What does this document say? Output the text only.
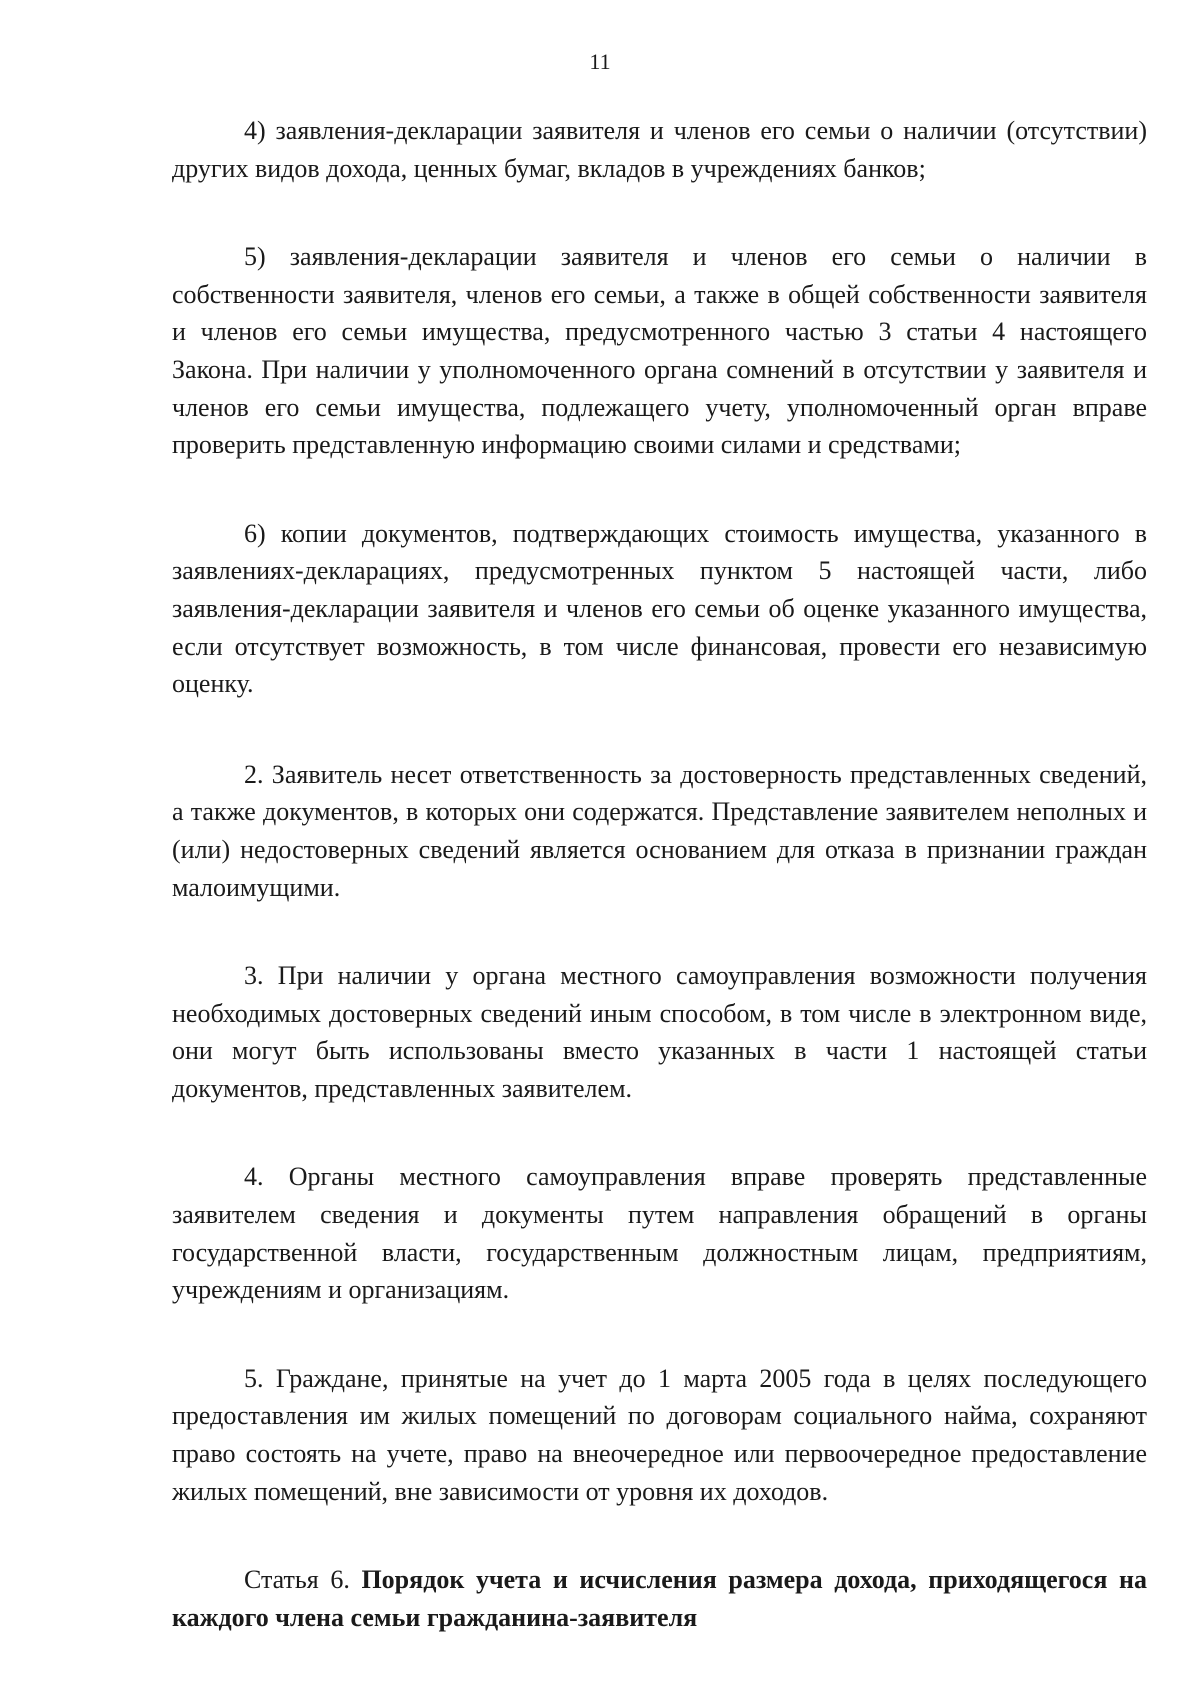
11

4) заявления-декларации заявителя и членов его семьи о наличии (отсутствии) других видов дохода, ценных бумаг, вкладов в учреждениях банков;

5) заявления-декларации заявителя и членов его семьи о наличии в собственности заявителя, членов его семьи, а также в общей собственности заявителя и членов его семьи имущества, предусмотренного частью 3 статьи 4 настоящего Закона. При наличии у уполномоченного органа сомнений в отсутствии у заявителя и членов его семьи имущества, подлежащего учету, уполномоченный орган вправе проверить представленную информацию своими силами и средствами;

6) копии документов, подтверждающих стоимость имущества, указанного в заявлениях-декларациях, предусмотренных пунктом 5 настоящей части, либо заявления-декларации заявителя и членов его семьи об оценке указанного имущества, если отсутствует возможность, в том числе финансовая, провести его независимую оценку.

2. Заявитель несет ответственность за достоверность представленных сведений, а также документов, в которых они содержатся. Представление заявителем неполных и (или) недостоверных сведений является основанием для отказа в признании граждан малоимущими.

3. При наличии у органа местного самоуправления возможности получения необходимых достоверных сведений иным способом, в том числе в электронном виде, они могут быть использованы вместо указанных в части 1 настоящей статьи документов, представленных заявителем.

4. Органы местного самоуправления вправе проверять представленные заявителем сведения и документы путем направления обращений в органы государственной власти, государственным должностным лицам, предприятиям, учреждениям и организациям.

5. Граждане, принятые на учет до 1 марта 2005 года в целях последующего предоставления им жилых помещений по договорам социального найма, сохраняют право состоять на учете, право на внеочередное или первоочередное предоставление жилых помещений, вне зависимости от уровня их доходов.

Статья 6. Порядок учета и исчисления размера дохода, приходящегося на каждого члена семьи гражданина-заявителя
